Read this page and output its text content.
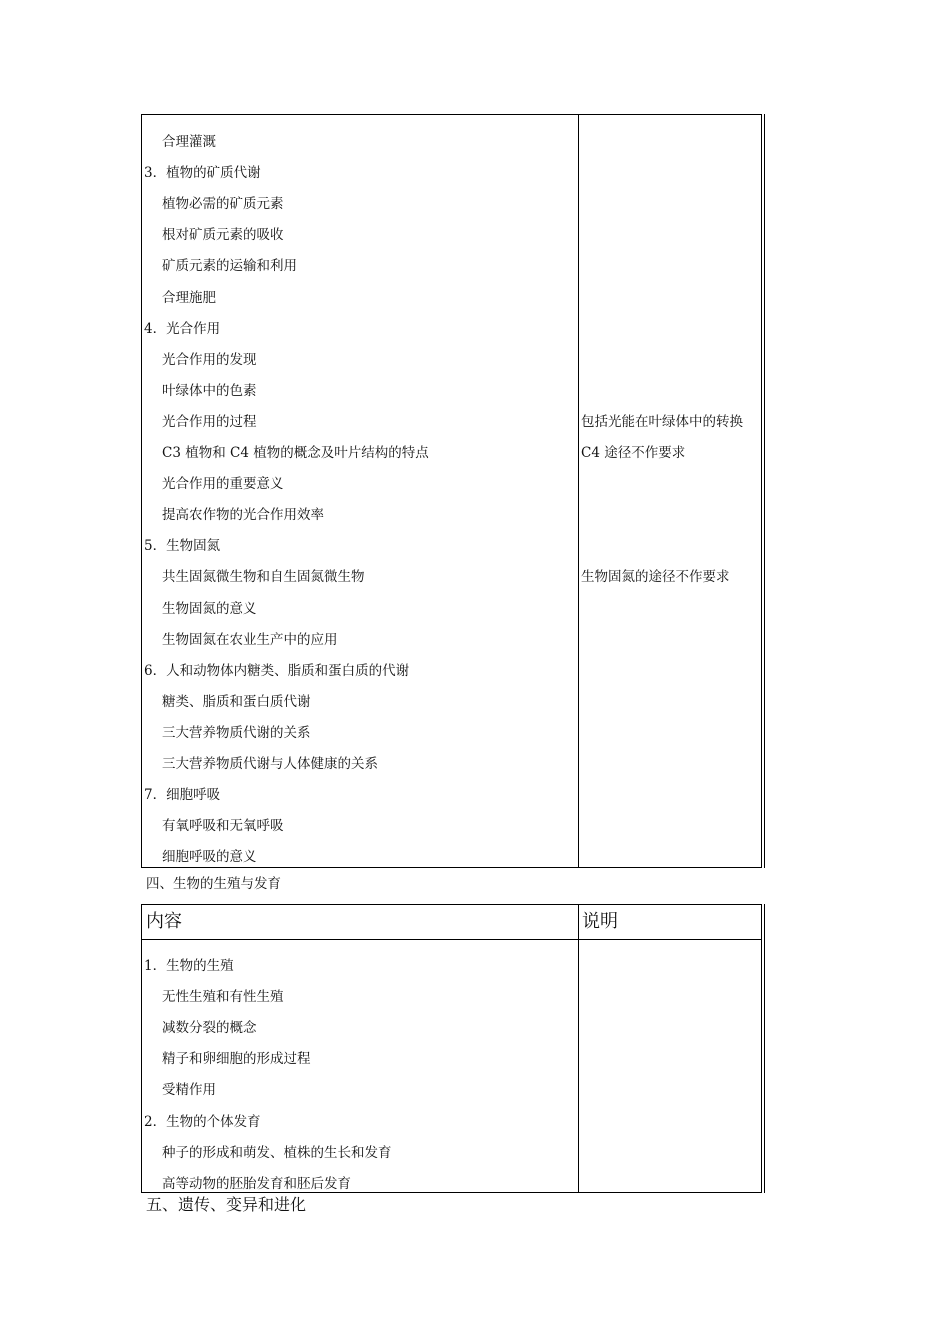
合理灌溉
3．植物的矿质代谢
植物必需的矿质元素
根对矿质元素的吸收
矿质元素的运输和利用
合理施肥
4．光合作用
光合作用的发现
叶绿体中的色素
光合作用的过程	包括光能在叶绿体中的转换
C3 植物和 C4 植物的概念及叶片结构的特点	C4 途径不作要求
光合作用的重要意义
提高农作物的光合作用效率
5．生物固氮
共生固氮微生物和自生固氮微生物	生物固氮的途径不作要求
生物固氮的意义
生物固氮在农业生产中的应用
6．人和动物体内糖类、脂质和蛋白质的代谢
糖类、脂质和蛋白质代谢
三大营养物质代谢的关系
三大营养物质代谢与人体健康的关系
7．细胞呼吸
有氧呼吸和无氧呼吸
细胞呼吸的意义
四、生物的生殖与发育
内容	说明
1．生物的生殖
无性生殖和有性生殖
减数分裂的概念
精子和卵细胞的形成过程
受精作用
2．生物的个体发育
种子的形成和萌发、植株的生长和发育
高等动物的胚胎发育和胚后发育
五、遗传、变异和进化
